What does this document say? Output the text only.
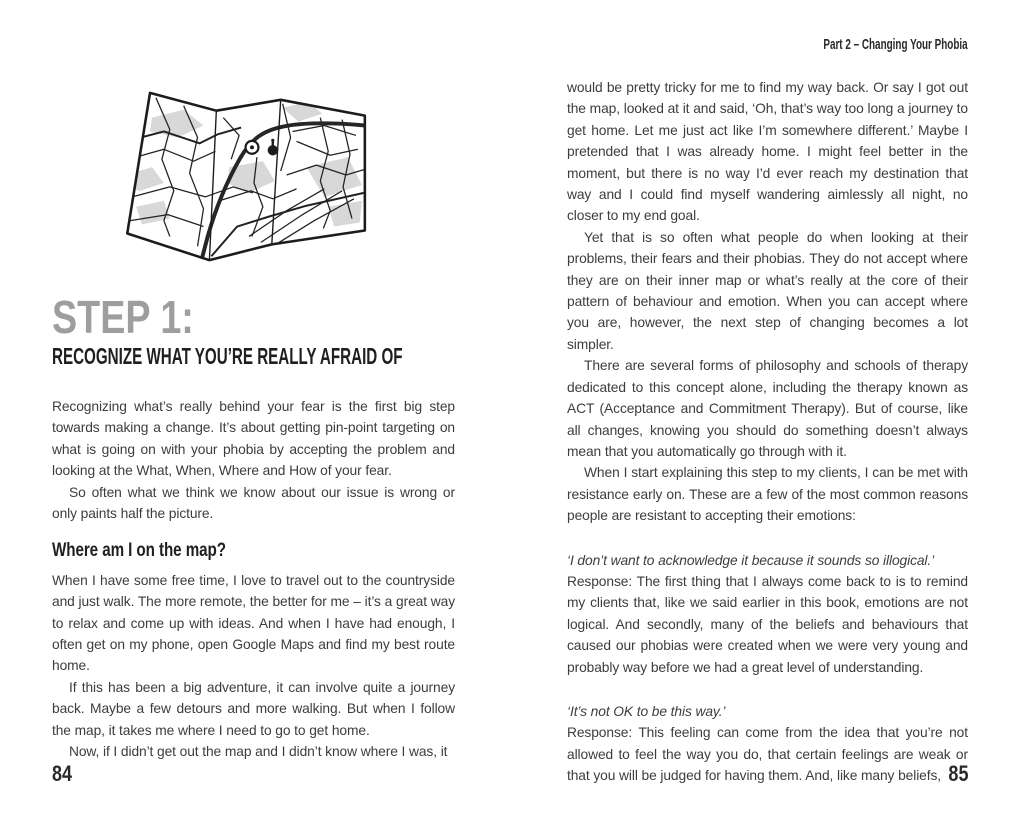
STEP 1:
RECOGNIZE WHAT YOU’RE REALLY AFRAID OF

Recognizing what’s really behind your fear is the first big step towards making a change. It’s about getting pin-point targeting on what is going on with your phobia by accepting the problem and looking at the What, When, Where and How of your fear.

So often what we think we know about our issue is wrong or only paints half the picture.

Where am I on the map?

When I have some free time, I love to travel out to the countryside and just walk. The more remote, the better for me – it’s a great way to relax and come up with ideas. And when I have had enough, I often get on my phone, open Google Maps and find my best route home.

If this has been a big adventure, it can involve quite a journey back. Maybe a few detours and more walking. But when I follow the map, it takes me where I need to go to get home.

Now, if I didn’t get out the map and I didn’t know where I was, it

84
Part 2 – Changing Your Phobia

would be pretty tricky for me to find my way back. Or say I got out the map, looked at it and said, ‘Oh, that’s way too long a journey to get home. Let me just act like I’m somewhere different.’ Maybe I pretended that I was already home. I might feel better in the moment, but there is no way I’d ever reach my destination that way and I could find myself wandering aimlessly all night, no closer to my end goal.

Yet that is so often what people do when looking at their problems, their fears and their phobias. They do not accept where they are on their inner map or what’s really at the core of their pattern of behaviour and emotion. When you can accept where you are, however, the next step of changing becomes a lot simpler.

There are several forms of philosophy and schools of therapy dedicated to this concept alone, including the therapy known as ACT (Acceptance and Commitment Therapy). But of course, like all changes, knowing you should do something doesn’t always mean that you automatically go through with it.

When I start explaining this step to my clients, I can be met with resistance early on. These are a few of the most common reasons people are resistant to accepting their emotions:

‘I don’t want to acknowledge it because it sounds so illogical.’

Response: The first thing that I always come back to is to remind my clients that, like we said earlier in this book, emotions are not logical. And secondly, many of the beliefs and behaviours that caused our phobias were created when we were very young and probably way before we had a great level of understanding.

‘It’s not OK to be this way.’

Response: This feeling can come from the idea that you’re not allowed to feel the way you do, that certain feelings are weak or that you will be judged for having them. And, like many beliefs, 85
